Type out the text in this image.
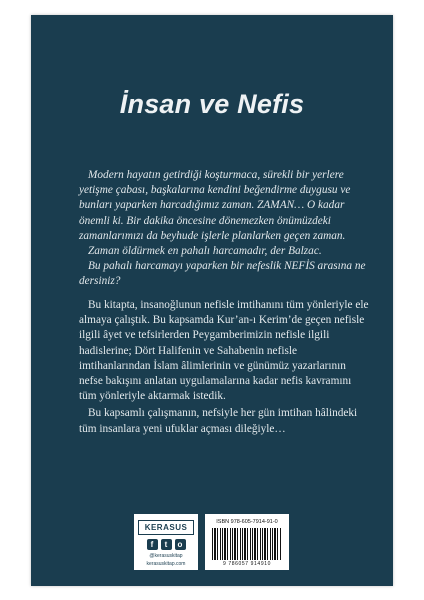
İnsan ve Nefis

Modern hayatın getirdiği koşturmaca, sürekli bir yerlere yetişme çabası, başkalarına kendini beğendirme duygusu ve bunları yaparken harcadığımız zaman. ZAMAN… O kadar önemli ki. Bir dakika öncesine dönemezken önümüzdeki zamanlarımızı da beyhude işlerle planlarken geçen zaman.

Zaman öldürmek en pahalı harcamadır, der Balzac.

Bu pahalı harcamayı yaparken bir nefeslik NEFİS arasına ne dersiniz?

Bu kitapta, insanoğlunun nefisle imtihanını tüm yönleriyle ele almaya çalıştık. Bu kapsamda Kur’an-ı Kerim’de geçen nefisle ilgili âyet ve tefsirlerden Peygamberimizin nefisle ilgili hadislerine; Dört Halifenin ve Sahabenin nefisle imtihanlarından İslam âlimlerinin ve günümüz yazarlarının nefse bakışını anlatan uygulamalarına kadar nefis kavramını tüm yönleriyle aktarmak istedik.

Bu kapsamlı çalışmanın, nefsiyle her gün imtihan hâlindeki tüm insanlara yeni ufuklar açması dileğiyle…

KERASUS
f	t	o
@kerasuskitap
kerasuskitap.com
ISBN 978-605-7914-91-0
9 786057 914910
